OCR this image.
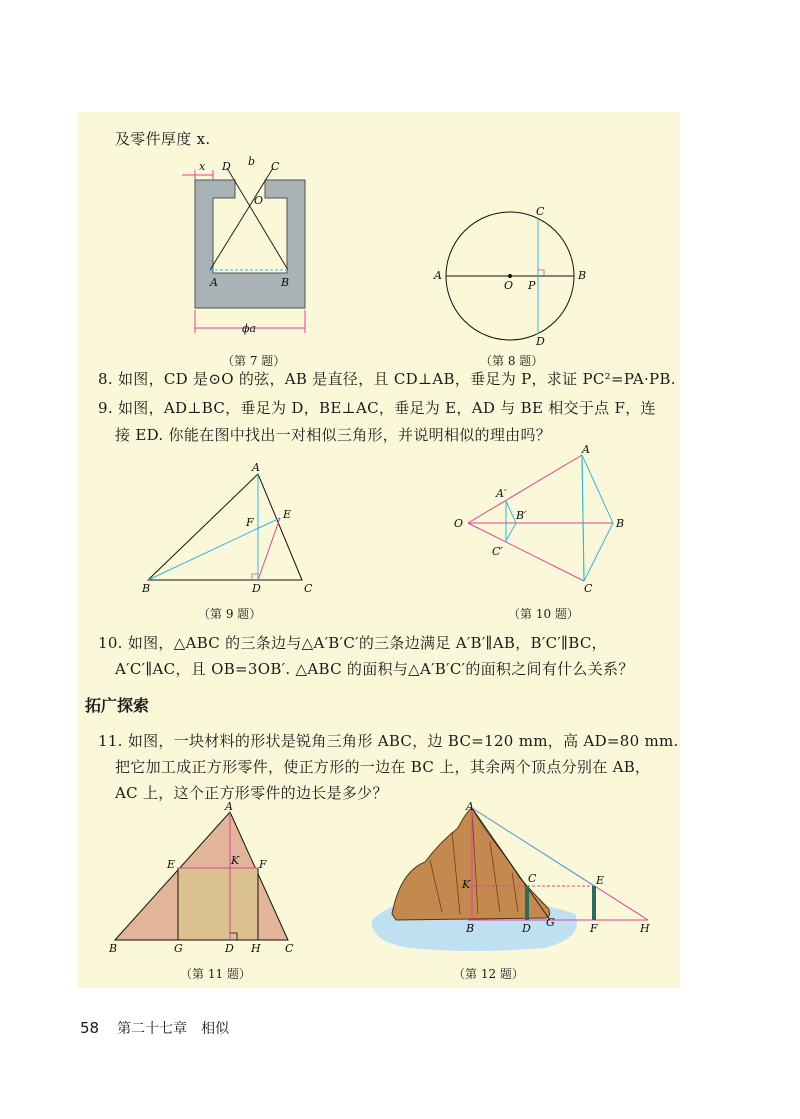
及零件厚度 x.
x D b C
O
A	B
ϕa
（第 7 题）
A
O P
B
C
D
（第 8 题）
8. 如图，CD 是⊙O 的弦，AB 是直径，且 CD⊥AB，垂足为 P，求证 PC²=PA·PB.
9. 如图，AD⊥BC，垂足为 D，BE⊥AC，垂足为 E，AD 与 BE 相交于点 F，连
接 ED. 你能在图中找出一对相似三角形，并说明相似的理由吗？
A
E
F
B	D	C
（第 9 题）
A
A′
B′
C′
O	B
C
（第 10 题）
10. 如图，△ABC 的三条边与△A′B′C′的三条边满足 A′B′∥AB，B′C′∥BC，
A′C′∥AC，且 OB=3OB′. △ABC 的面积与△A′B′C′的面积之间有什么关系？
拓广探索
11. 如图，一块材料的形状是锐角三角形 ABC，边 BC=120 mm，高 AD=80 mm.
把它加工成正方形零件，使正方形的一边在 BC 上，其余两个顶点分别在 AB，
AC 上，这个正方形零件的边长是多少？
A
E	K F
B	G	D H C
（第 11 题）
A
K	C	E
B	D G	F	H
（第 12 题）
58 第二十七章　相似
